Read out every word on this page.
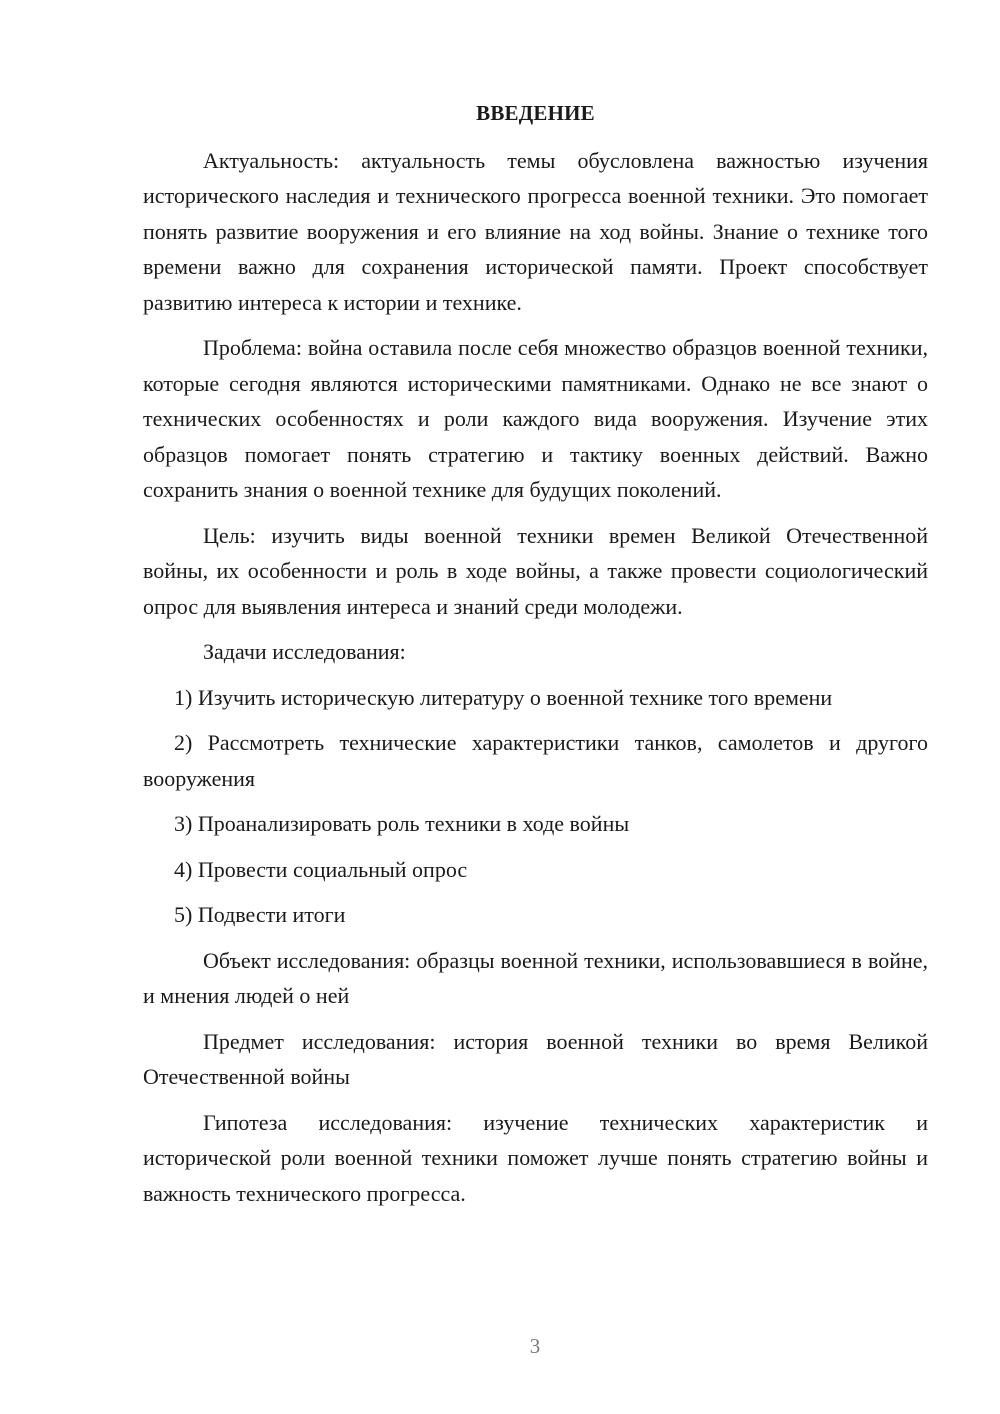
ВВЕДЕНИЕ

Актуальность: актуальность темы обусловлена важностью изучения исторического наследия и технического прогресса военной техники. Это помогает понять развитие вооружения и его влияние на ход войны. Знание о технике того времени важно для сохранения исторической памяти. Проект способствует развитию интереса к истории и технике.

Проблема: война оставила после себя множество образцов военной техники, которые сегодня являются историческими памятниками. Однако не все знают о технических особенностях и роли каждого вида вооружения. Изучение этих образцов помогает понять стратегию и тактику военных действий. Важно сохранить знания о военной технике для будущих поколений.

Цель: изучить виды военной техники времен Великой Отечественной войны, их особенности и роль в ходе войны, а также провести социологический опрос для выявления интереса и знаний среди молодежи.

Задачи исследования:

1) Изучить историческую литературу о военной технике того времени

2) Рассмотреть технические характеристики танков, самолетов и другого вооружения

3) Проанализировать роль техники в ходе войны

4) Провести социальный опрос

5) Подвести итоги

Объект исследования: образцы военной техники, использовавшиеся в войне, и мнения людей о ней

Предмет исследования: история военной техники во время Великой Отечественной войны

Гипотеза исследования: изучение технических характеристик и исторической роли военной техники поможет лучше понять стратегию войны и важность технического прогресса.

3
